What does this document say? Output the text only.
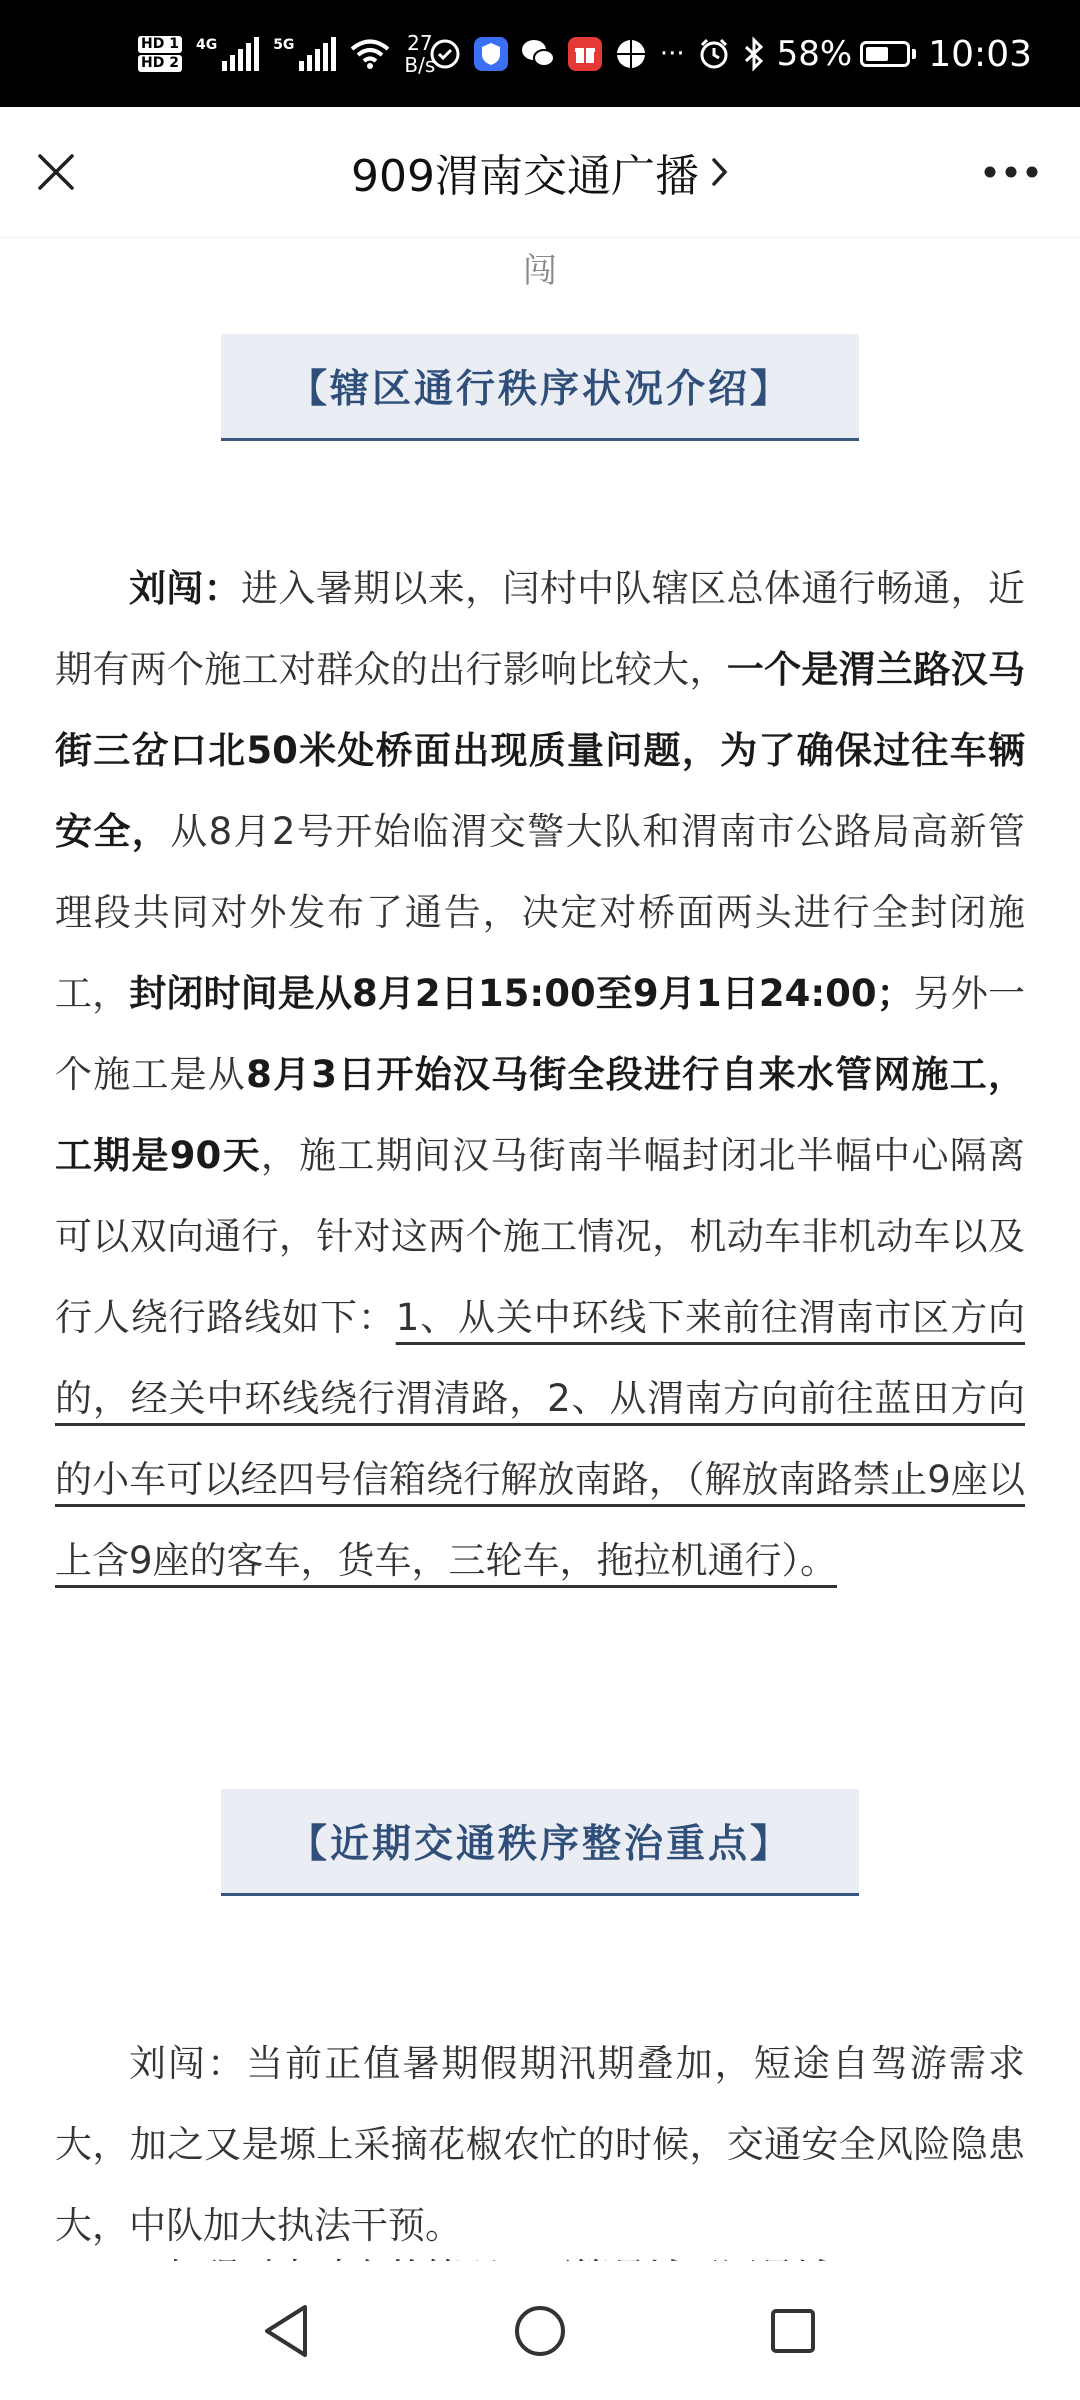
HD 1
HD 2
4G	5G	27
B/s	···	58% 10:03
909渭南交通广播
闯
【辖区通行秩序状况介绍】
刘闯：进入暑期以来，闫村中队辖区总体通行畅通，近期有两个施工对群众的出行影响比较大，一个是渭兰路汉马街三岔口北50米处桥面出现质量问题，为了确保过往车辆安全，从8月2号开始临渭交警大队和渭南市公路局高新管理段共同对外发布了通告，决定对桥面两头进行全封闭施工，封闭时间是从8月2日15:00至9月1日24:00；另外一个施工是从8月3日开始汉马街全段进行自来水管网施工，工期是90天，施工期间汉马街南半幅封闭北半幅中心隔离可以双向通行，针对这两个施工情况，机动车非机动车以及行人绕行路线如下：1、从关中环线下来前往渭南市区方向的，经关中环线绕行渭清路，2、从渭南方向前往蓝田方向的小车可以经四号信箱绕行解放南路，（解放南路禁止9座以上含9座的客车，货车，三轮车，拖拉机通行）。
【近期交通秩序整治重点】
刘闯：当前正值暑期假期汛期叠加，短途自驾游需求大，加之又是塬上采摘花椒农忙的时候，交通安全风险隐患大，中队加大执法干预。
